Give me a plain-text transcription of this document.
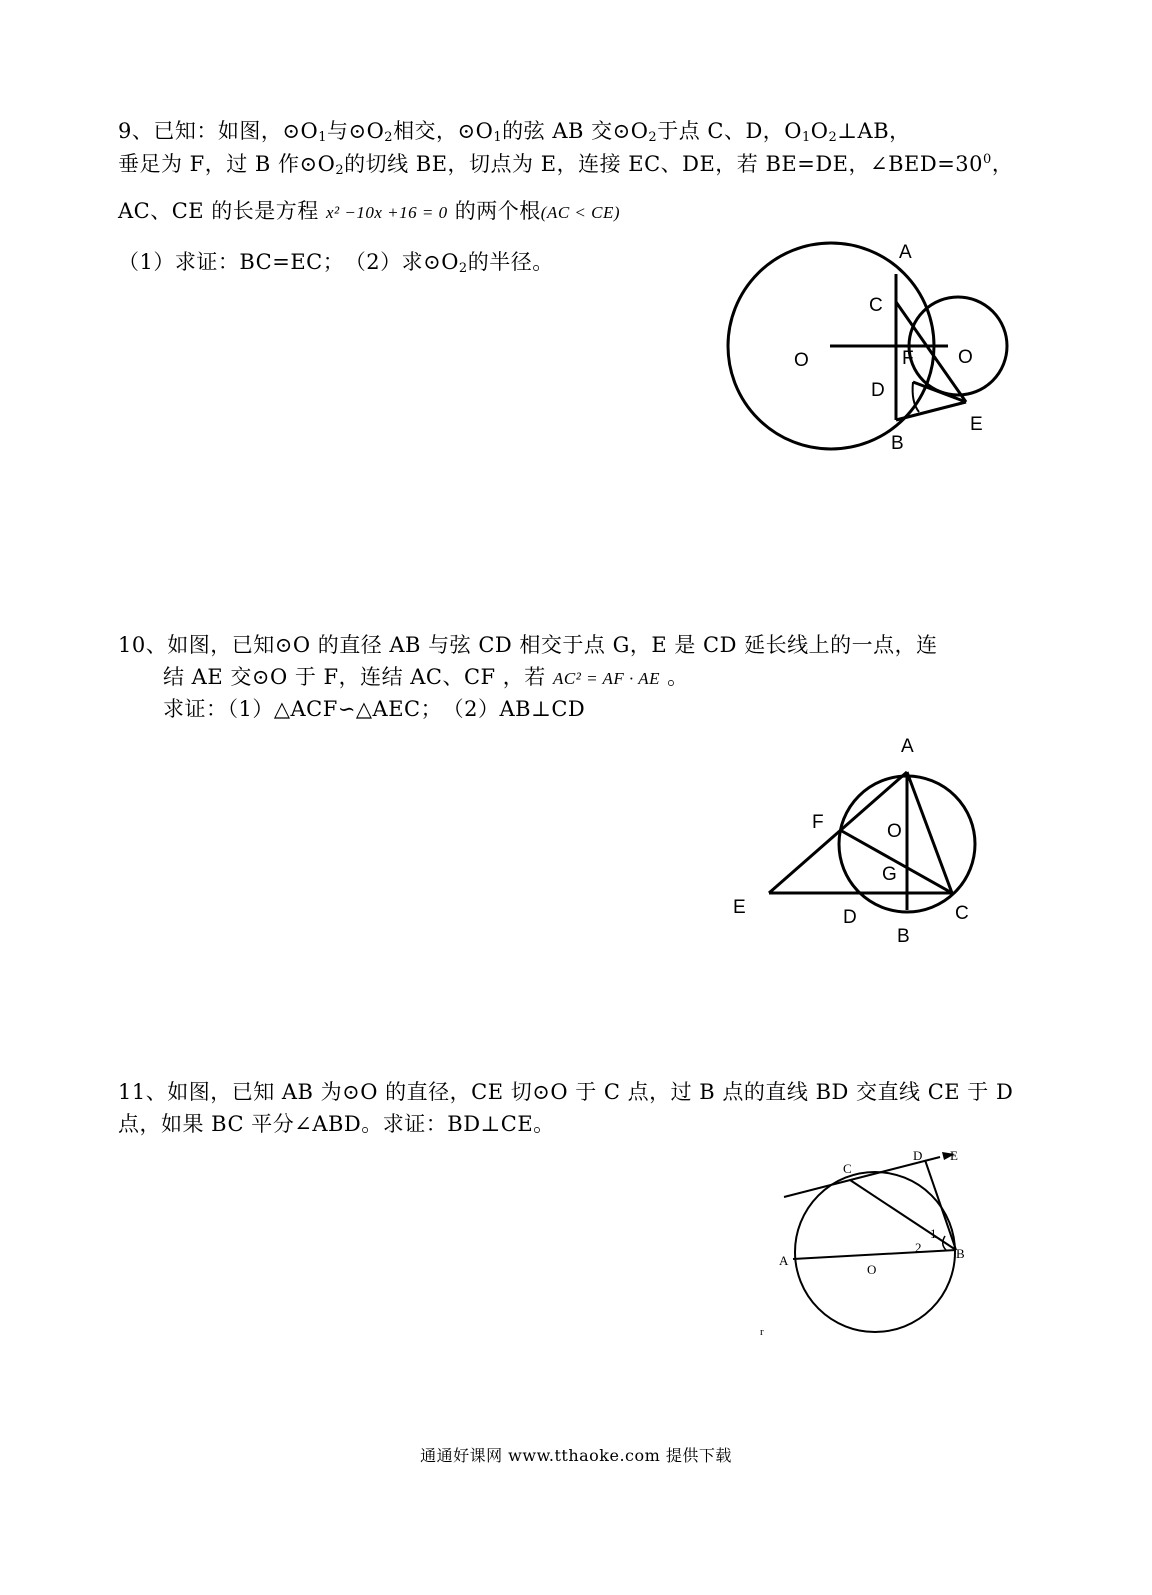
9、已知：如图，$⊙O_1$与$⊙O_2$相交，$⊙O_1$的弦 AB 交$⊙O_2$于点 C、D，$O_1O_2\perp AB$，
垂足为 F，过 B 作$⊙O_2$的切线 BE，切点为 E，连接 EC、DE，若 BE=DE，$\angle BED=30^0$，
AC、CE 的长是方程 x² −10x +16 = 0 的两个根(AC < CE)
（1）求证：BC=EC；　（2）求$⊙O_2$的半径。	A
C
O	F O
D
E
B
10、如图，已知⊙O 的直径 AB 与弦 CD 相交于点 G，E 是 CD 延长线上的一点，连
结 AE 交⊙O 于 F，连结 AC、CF ，若 AC² = AF · AE 。
求证：（1）△ACF∽△AEC；　（2）AB⊥CD
A
F	O
G
E	D
B
C
11、如图，已知 AB 为⊙O 的直径，CE 切⊙O 于 C 点，过 B 点的直线 BD 交直线 CE 于 D
点，如果 BC 平分∠ABD。求证：BD⊥CE。
C
D E
A
O
B
1
2
r
通通好课网 www.tthaoke.com 提供下载
